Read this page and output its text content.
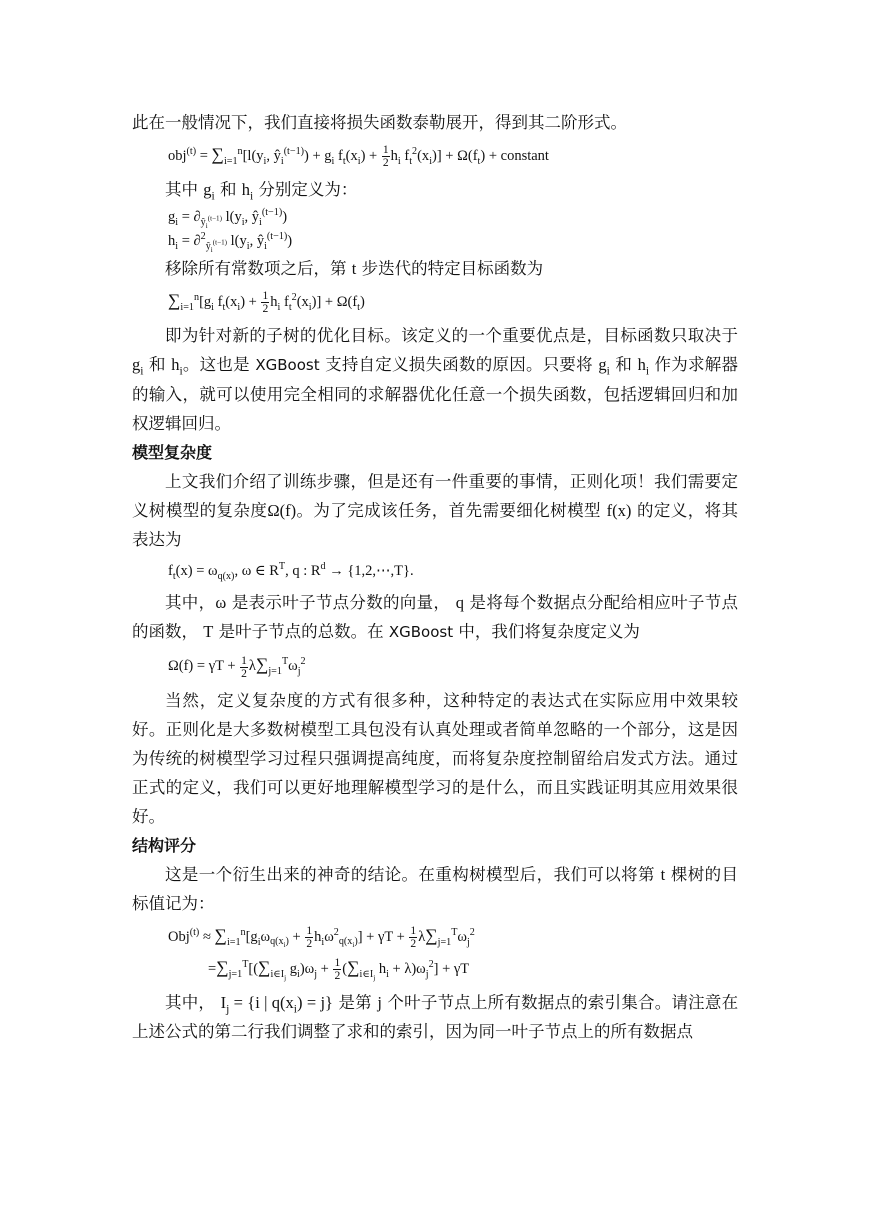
此在一般情况下，我们直接将损失函数泰勒展开，得到其二阶形式。

$obj^{(t)} = \sum_{i=1}^n[l(y_i$, $ŷ_i^{(t-1)}) + g_i$ $f_t(x_i) + \frac{1}{2} h_i$ $f_t^2(x_i)] + \Omega(f_t)$ + constant

其中 $g_i$ 和 $h_i$ 分别定义为：

$g_i = \partial_{ŷ_i^{(t-1)}}$ $l(y_i$, $ŷ_i^{(t-1)}$)
$h_i = \partial^2_{ŷ_i^{(t-1)}}$ $l(y_i$, $ŷ_i^{(t-1)}$)

移除所有常数项之后，第 t 步迭代的特定目标函数为

$\sum_{i=1}^n[g_i$ $f_t(x_i) + \frac{1}{2} h_i$ $f_t^2(x_i)] + \Omega(f_t)$

即为针对新的子树的优化目标。该定义的一个重要优点是，目标函数只取决于 $g_i$ 和 $h_i$。这也是 XGBoost 支持自定义损失函数的原因。只要将 $g_i$ 和 $h_i$ 作为求解器的输入，就可以使用完全相同的求解器优化任意一个损失函数，包括逻辑回归和加权逻辑回归。

模型复杂度

上文我们介绍了训练步骤，但是还有一件重要的事情，正则化项！我们需要定义树模型的复杂度Ω(f)。为了完成该任务，首先需要细化树模型 f(x) 的定义，将其表达为

$f_t(x) = \omega_{q(x)}$, ω ∈ $R^T$, q : $R^d$ → {1,2,⋯,T}.

其中，ω 是表示叶子节点分数的向量， q 是将每个数据点分配给相应叶子节点的函数， T 是叶子节点的总数。在 XGBoost 中，我们将复杂度定义为

$\Omega(f) = \gamma T + \frac{1}{2} \lambda\sum_{j=1}^T\omega_j^2$

当然，定义复杂度的方式有很多种，这种特定的表达式在实际应用中效果较好。正则化是大多数树模型工具包没有认真处理或者简单忽略的一个部分，这是因为传统的树模型学习过程只强调提高纯度，而将复杂度控制留给启发式方法。通过正式的定义，我们可以更好地理解模型学习的是什么，而且实践证明其应用效果很好。

结构评分

这是一个衍生出来的神奇的结论。在重构树模型后，我们可以将第 t 棵树的目标值记为：

$Obj^{(t)} \approx \sum_{i=1}^n[g_i\omega_{q(x_i)} + \frac{1}{2} h_i\omega^2_{q(x_i)}] + \gamma T + \frac{1}{2} \lambda\sum_{j=1}^T\omega_j^2$
$=\sum_{j=1}^T[(\sum_{i\in I_j}$ $g_i)\omega_j + \frac{1}{2} (\sum_{i\in I_j}$ $h_i + \lambda)\omega_j^2] + \gamma T$

其中， $I_j = \{i$ | $q(x_i) = j$} 是第 j 个叶子节点上所有数据点的索引集合。请注意在上述公式的第二行我们调整了求和的索引，因为同一叶子节点上的所有数据点
